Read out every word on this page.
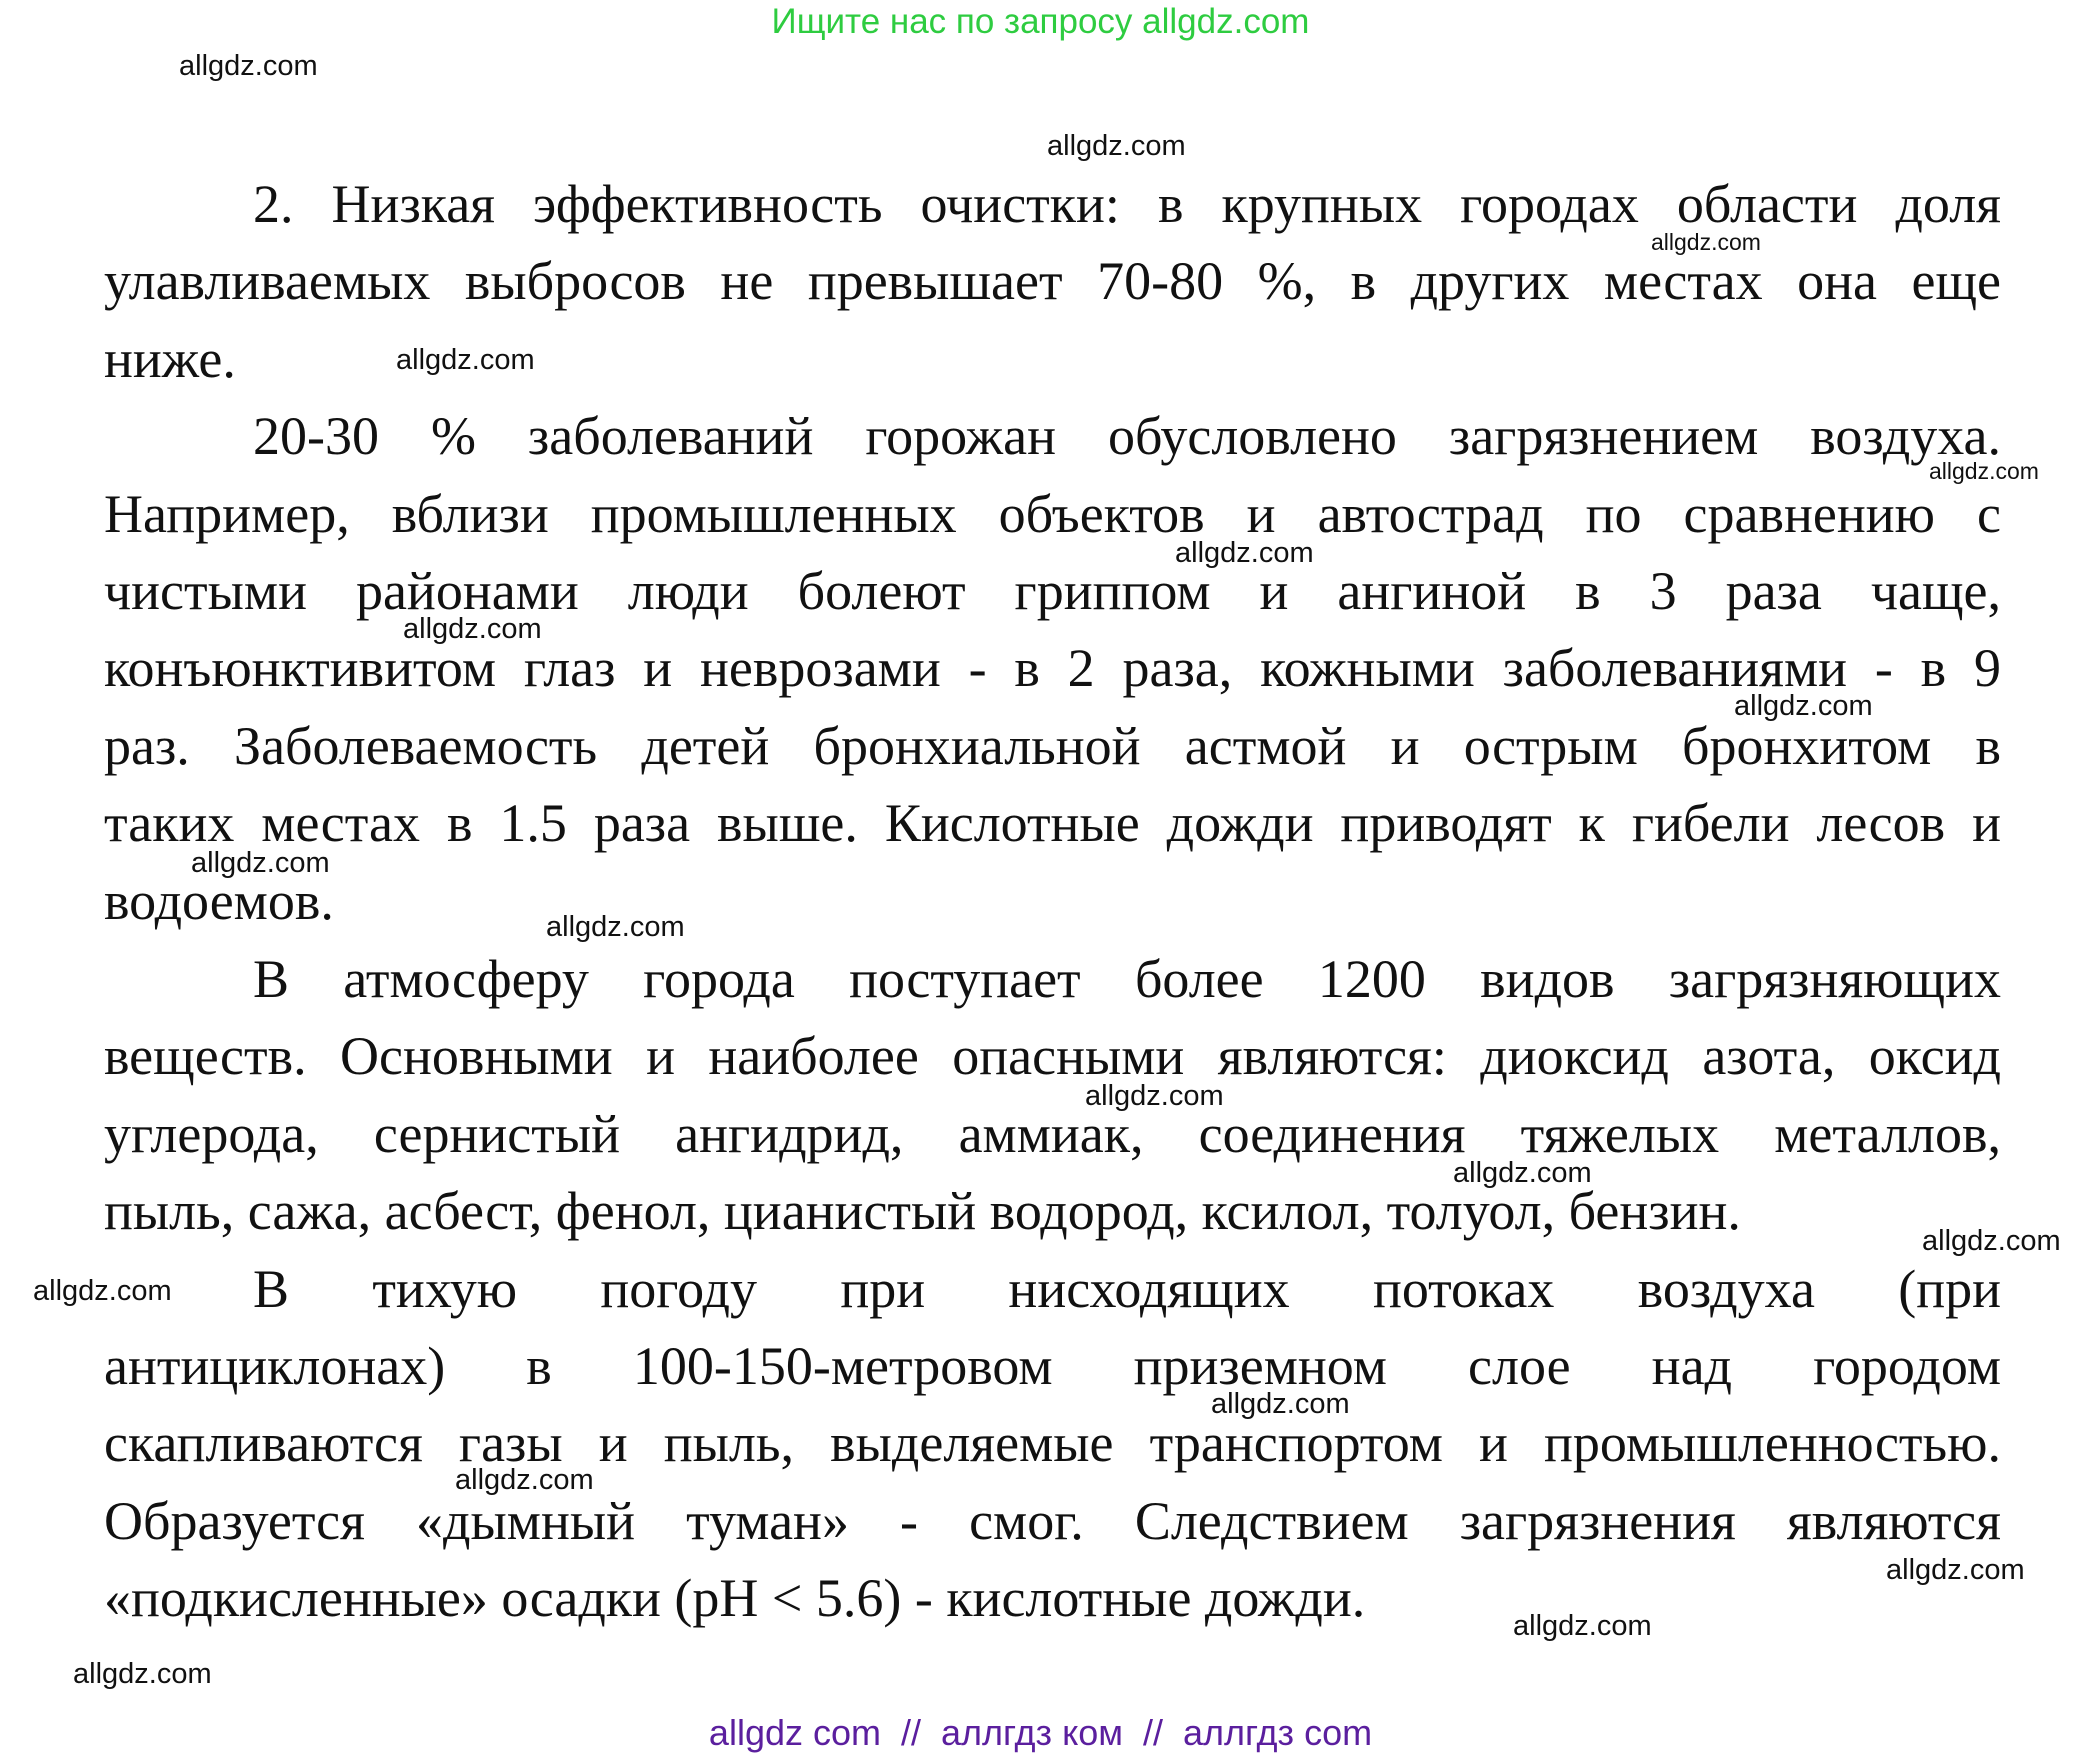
Ищите нас по запросу allgdz.com
2. Низкая эффективность очистки: в крупных городах области доля
улавливаемых выбросов не превышает 70-80 %, в других местах она еще
ниже.
20-30 % заболеваний горожан обусловлено загрязнением воздуха.
Например, вблизи промышленных объектов и автострад по сравнению с
чистыми районами люди болеют гриппом и ангиной в 3 раза чаще,
конъюнктивитом глаз и неврозами - в 2 раза, кожными заболеваниями - в 9
раз. Заболеваемость детей бронхиальной астмой и острым бронхитом в
таких местах в 1.5 раза выше. Кислотные дожди приводят к гибели лесов и
водоемов.
В атмосферу города поступает более 1200 видов загрязняющих
веществ. Основными и наиболее опасными являются: диоксид азота, оксид
углерода, сернистый ангидрид, аммиак, соединения тяжелых металлов,
пыль, сажа, асбест, фенол, цианистый водород, ксилол, толуол, бензин.
В тихую погоду при нисходящих потоках воздуха (при
антициклонах) в 100-150-метровом приземном слое над городом
скапливаются газы и пыль, выделяемые транспортом и промышленностью.
Образуется «дымный туман» - смог. Следствием загрязнения являются
«подкисленные» осадки (pH < 5.6) - кислотные дожди.
allgdz.com
allgdz.com
allgdz.com
allgdz.com
allgdz.com
allgdz.com
allgdz.com
allgdz.com
allgdz.com
allgdz.com
allgdz.com
allgdz.com
allgdz.com
allgdz.com
allgdz.com
allgdz.com
allgdz.com
allgdz.com
allgdz.com
allgdz com  //  аллгдз ком  //  аллгдз com
